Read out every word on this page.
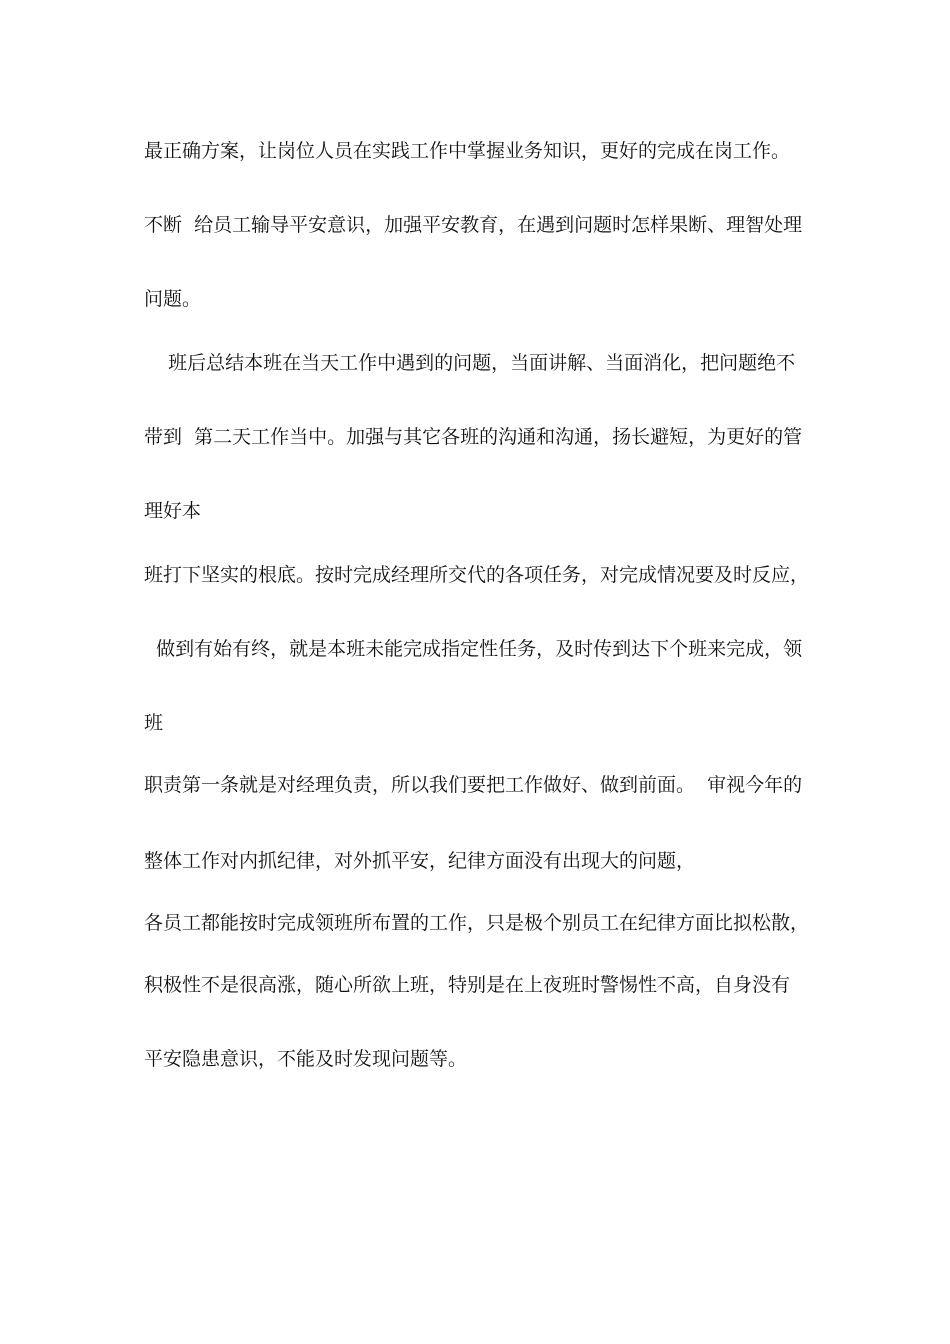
最正确方案，让岗位人员在实践工作中掌握业务知识，更好的完成在岗工作。
不断  给员工输导平安意识，加强平安教育，在遇到问题时怎样果断、理智处理
问题。
班后总结本班在当天工作中遇到的问题，当面讲解、当面消化，把问题绝不
带到  第二天工作当中。加强与其它各班的沟通和沟通，扬长避短，为更好的管
理好本
班打下坚实的根底。按时完成经理所交代的各项任务，对完成情况要及时反应，
做到有始有终，就是本班未能完成指定性任务，及时传到达下个班来完成，领
班
职责第一条就是对经理负责，所以我们要把工作做好、做到前面。  审视今年的
整体工作对内抓纪律，对外抓平安，纪律方面没有出现大的问题，
各员工都能按时完成领班所布置的工作，只是极个别员工在纪律方面比拟松散，
积极性不是很高涨，随心所欲上班，特别是在上夜班时警惕性不高，自身没有
平安隐患意识，不能及时发现问题等。
